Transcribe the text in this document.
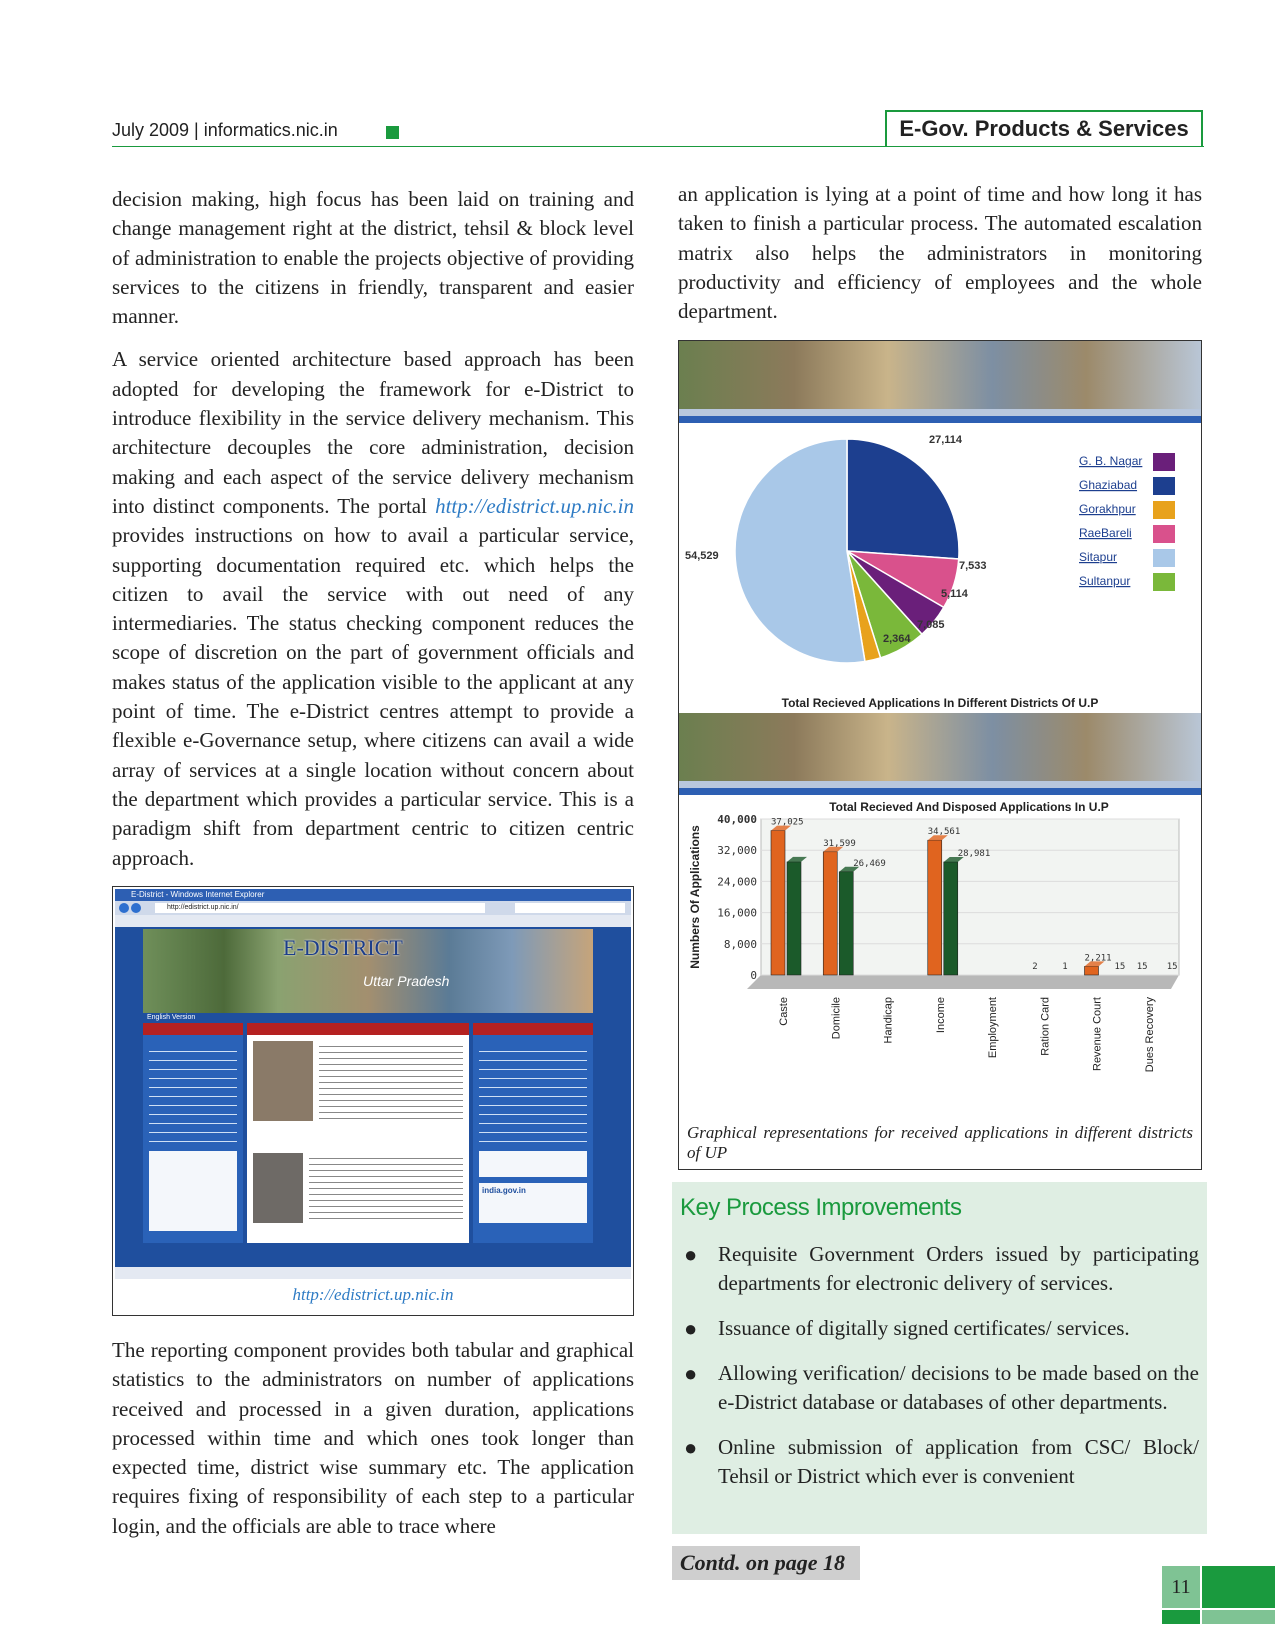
July 2009 | informatics.nic.in	E-Gov. Products & Services

decision making, high focus has been laid on training and change management right at the district, tehsil & block level of administration to enable the projects objective of providing services to the citizens in friendly, transparent and easier manner.

A service oriented architecture based approach has been adopted for developing the framework for e-District to introduce flexibility in the service delivery mechanism. This architecture decouples the core administration, decision making and each aspect of the service delivery mechanism into distinct components. The portal http://edistrict.up.nic.in provides instructions on how to avail a particular service, supporting documentation required etc. which helps the citizen to avail the service with out need of any intermediaries. The status checking component reduces the scope of discretion on the part of government officials and makes status of the application visible to the applicant at any point of time. The e-District centres attempt to provide a flexible e-Governance setup, where citizens can avail a wide array of services at a single location without concern about the department which provides a particular service. This is a paradigm shift from department centric to citizen centric approach.

E-District - Windows Internet Explorer
http://edistrict.up.nic.in/
E-DISTRICT
Uttar Pradesh
English Version
india.gov.in
http://edistrict.up.nic.in

The reporting component provides both tabular and graphical statistics to the administrators on number of applications received and processed in a given duration, applications processed within time and which ones took longer than expected time, district wise summary etc. The application requires fixing of responsibility of each step to a particular login, and the officials are able to trace where

an application is lying at a point of time and how long it has taken to finish a particular process. The automated escalation matrix also helps the administrators in monitoring productivity and efficiency of employees and the whole department.

5,114
27,114
2,364
7,533
54,529
7,085
G. B. Nagar
Ghaziabad
Gorakhpur
RaeBareli
Sitapur
Sultanpur
Total Recieved Applications In Different Districts Of U.P
Total Recieved And Disposed Applications In U.P
40,000
32,000
24,000
16,000
8,000
0
Numbers Of Applications
37,025
Caste
31,599
26,469
Domicile	Handicap
34,561
28,981
Income	Employment
2	1
Ration Card
2,211
15
Revenue Court
15 15
Dues Recovery
Graphical representations for received applications in different districts of UP
Key Process Improvements
● Requisite Government Orders issued by participating departments for electronic delivery of services.
● Issuance of digitally signed certificates/ services.
● Allowing verification/ decisions to be made based on the e-District database or databases of other departments.
● Online submission of application from CSC/ Block/ Tehsil or District which ever is convenient
Contd. on page 18
11
